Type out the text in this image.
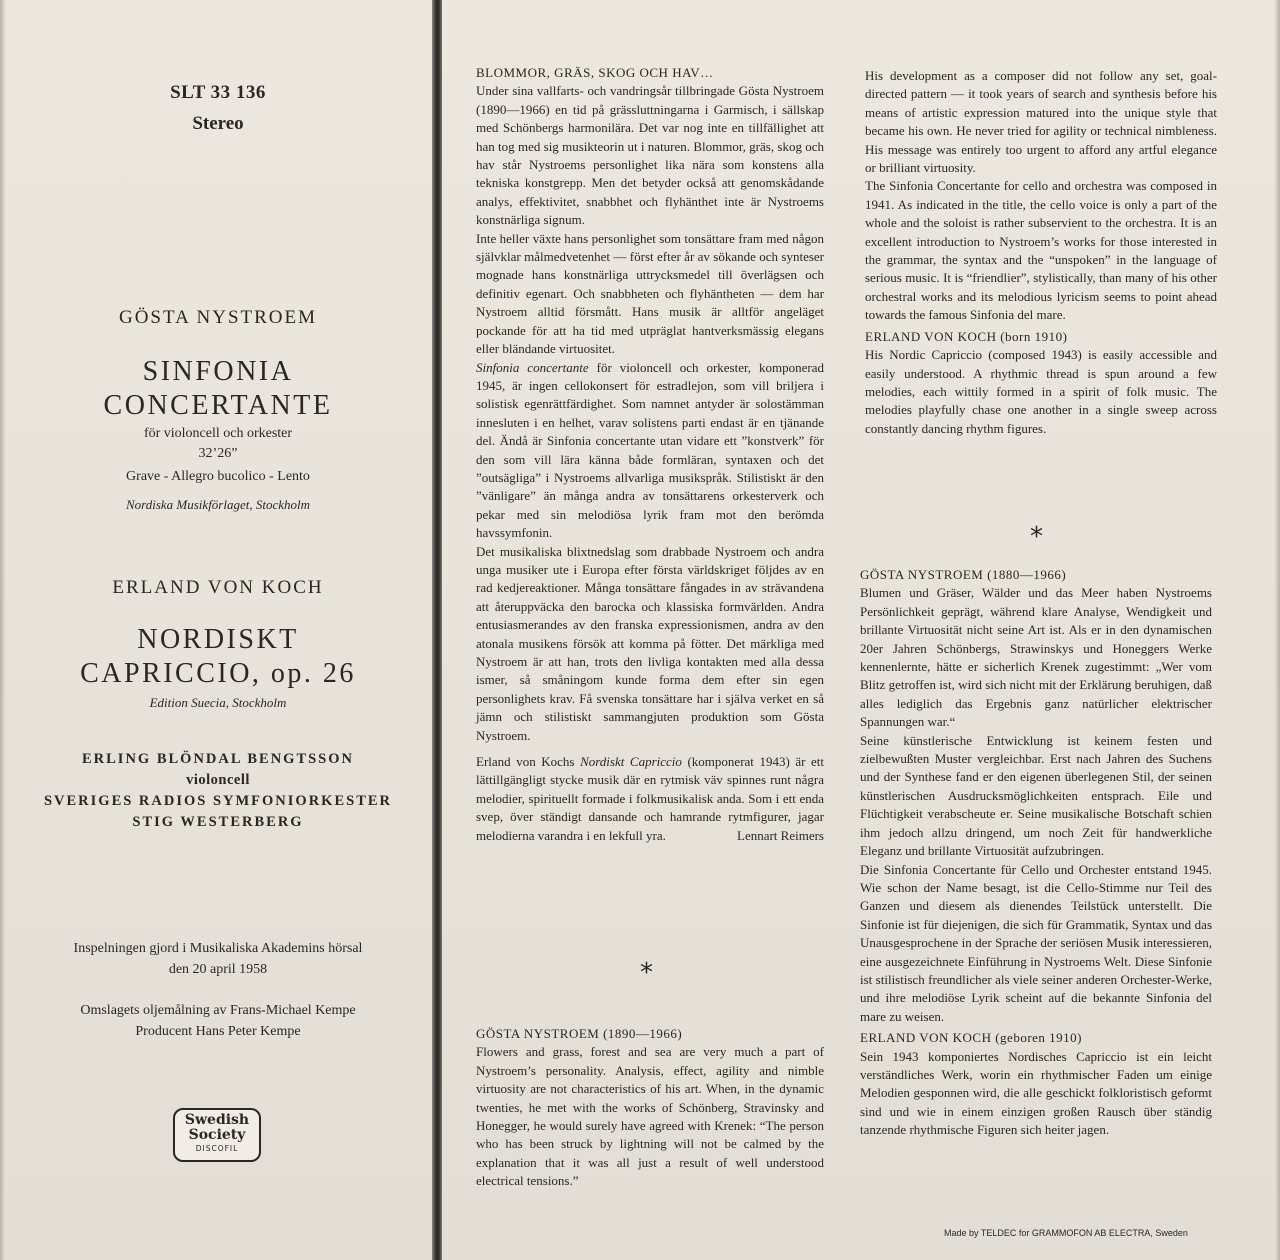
SLT 33 136
Stereo
GÖSTA NYSTROEM
SINFONIA
CONCERTANTE
för violoncell och orkester
32’26”
Grave - Allegro bucolico - Lento
Nordiska Musikförlaget, Stockholm
ERLAND VON KOCH
NORDISKT
CAPRICCIO, op. 26
Edition Suecia, Stockholm
ERLING BLÖNDAL BENGTSSON
violoncell
SVERIGES RADIOS SYMFONIORKESTER
STIG WESTERBERG
Inspelningen gjord i Musikaliska Akademins hörsal
den 20 april 1958
Omslagets oljemålning av Frans-Michael Kempe
Producent Hans Peter Kempe
Swedish
Society
DISCOFIL

BLOMMOR, GRÄS, SKOG OCH HAV…

Under sina vallfarts- och vandringsår tillbringade Gösta Nystroem (1890—1966) en tid på grässluttningarna i Garmisch, i sällskap med Schönbergs harmonilära. Det var nog inte en tillfällighet att han tog med sig musikteorin ut i naturen. Blommor, gräs, skog och hav står Nystroems personlighet lika nära som konstens alla tekniska konstgrepp. Men det betyder också att genomskådande analys, effektivitet, snabbhet och flyhänthet inte är Nystroems konstnärliga signum.

Inte heller växte hans personlighet som tonsättare fram med någon självklar målmedvetenhet — först efter år av sökande och synteser mognade hans konstnärliga uttrycksmedel till överlägsen och definitiv egenart. Och snabbheten och flyhäntheten — dem har Nystroem alltid försmått. Hans musik är alltför angeläget pockande för att ha tid med utpräglat hantverksmässig elegans eller bländande virtuositet.

Sinfonia concertante för violoncell och orkester, komponerad 1945, är ingen cellokonsert för estradlejon, som vill briljera i solistisk egenrättfärdighet. Som namnet antyder är solostämman innesluten i en helhet, varav solistens parti endast är en tjänande del. Ändå är Sinfonia concertante utan vidare ett ”konstverk” för den som vill lära känna både formläran, syntaxen och det ”outsägliga” i Nystroems allvarliga musikspråk. Stilistiskt är den ”vänligare” än många andra av tonsättarens orkesterverk och pekar med sin melodiösa lyrik fram mot den berömda havssymfonin.

Det musikaliska blixtnedslag som drabbade Nystroem och andra unga musiker ute i Europa efter första världskriget följdes av en rad kedjereaktioner. Många tonsättare fångades in av strävandena att återuppväcka den barocka och klassiska formvärlden. Andra entusiasmerandes av den franska expressionismen, andra av den atonala musikens försök att komma på fötter. Det märkliga med Nystroem är att han, trots den livliga kontakten med alla dessa ismer, så småningom kunde forma dem efter sin egen personlighets krav. Få svenska tonsättare har i själva verket en så jämn och stilistiskt sammangjuten produktion som Gösta Nystroem.

Erland von Kochs Nordiskt Capriccio (komponerat 1943) är ett lättillgängligt stycke musik där en rytmisk väv spinnes runt några melodier, spirituellt formade i folkmusikalisk anda. Som i ett enda svep, över ständigt dansande och hamrande rytmfigurer, jagar melodierna varandra i en lekfull yra.	Lennart Reimers
*

GÖSTA NYSTROEM (1890—1966)

Flowers and grass, forest and sea are very much a part of Nystroem’s personality. Analysis, effect, agility and nimble virtuosity are not characteristics of his art. When, in the dynamic twenties, he met with the works of Schönberg, Stravinsky and Honegger, he would surely have agreed with Krenek: “The person who has been struck by lightning will not be calmed by the explanation that it was all just a result of well understood electrical tensions.”

His development as a composer did not follow any set, goal-directed pattern — it took years of search and synthesis before his means of artistic expression matured into the unique style that became his own. He never tried for agility or technical nimbleness. His message was entirely too urgent to afford any artful elegance or brilliant virtuosity.

The Sinfonia Concertante for cello and orchestra was composed in 1941. As indicated in the title, the cello voice is only a part of the whole and the soloist is rather subservient to the orchestra. It is an excellent introduction to Nystroem’s works for those interested in the grammar, the syntax and the “unspoken” in the language of serious music. It is “friendlier”, stylistically, than many of his other orchestral works and its melodious lyricism seems to point ahead towards the famous Sinfonia del mare.

ERLAND VON KOCH (born 1910)

His Nordic Capriccio (composed 1943) is easily accessible and easily understood. A rhythmic thread is spun around a few melodies, each wittily formed in a spirit of folk music. The melodies playfully chase one another in a single sweep across constantly dancing rhythm figures.

*

GÖSTA NYSTROEM (1880—1966)

Blumen und Gräser, Wälder und das Meer haben Nystroems Persönlichkeit geprägt, während klare Analyse, Wendigkeit und brillante Virtuosität nicht seine Art ist. Als er in den dynamischen 20er Jahren Schönbergs, Strawinskys und Honeggers Werke kennenlernte, hätte er sicherlich Krenek zugestimmt: „Wer vom Blitz getroffen ist, wird sich nicht mit der Erklärung beruhigen, daß alles lediglich das Ergebnis ganz natürlicher elektrischer Spannungen war.“

Seine künstlerische Entwicklung ist keinem festen und zielbewußten Muster vergleichbar. Erst nach Jahren des Suchens und der Synthese fand er den eigenen überlegenen Stil, der seinen künstlerischen Ausdrucksmöglichkeiten entsprach. Eile und Flüchtigkeit verabscheute er. Seine musikalische Botschaft schien ihm jedoch allzu dringend, um noch Zeit für handwerkliche Eleganz und brillante Virtuosität aufzubringen.

Die Sinfonia Concertante für Cello und Orchester entstand 1945. Wie schon der Name besagt, ist die Cello-Stimme nur Teil des Ganzen und diesem als dienendes Teilstück unterstellt. Die Sinfonie ist für diejenigen, die sich für Grammatik, Syntax und das Unausgesprochene in der Sprache der seriösen Musik interessieren, eine ausgezeichnete Einführung in Nystroems Welt. Diese Sinfonie ist stilistisch freundlicher als viele seiner anderen Orchester-Werke, und ihre melodiöse Lyrik scheint auf die bekannte Sinfonia del mare zu weisen.

ERLAND VON KOCH (geboren 1910)

Sein 1943 komponiertes Nordisches Capriccio ist ein leicht verständliches Werk, worin ein rhythmischer Faden um einige Melodien gesponnen wird, die alle geschickt folkloristisch geformt sind und wie in einem einzigen großen Rausch über ständig tanzende rhythmische Figuren sich heiter jagen.

Made by TELDEC for GRAMMOFON AB ELECTRA, Sweden
